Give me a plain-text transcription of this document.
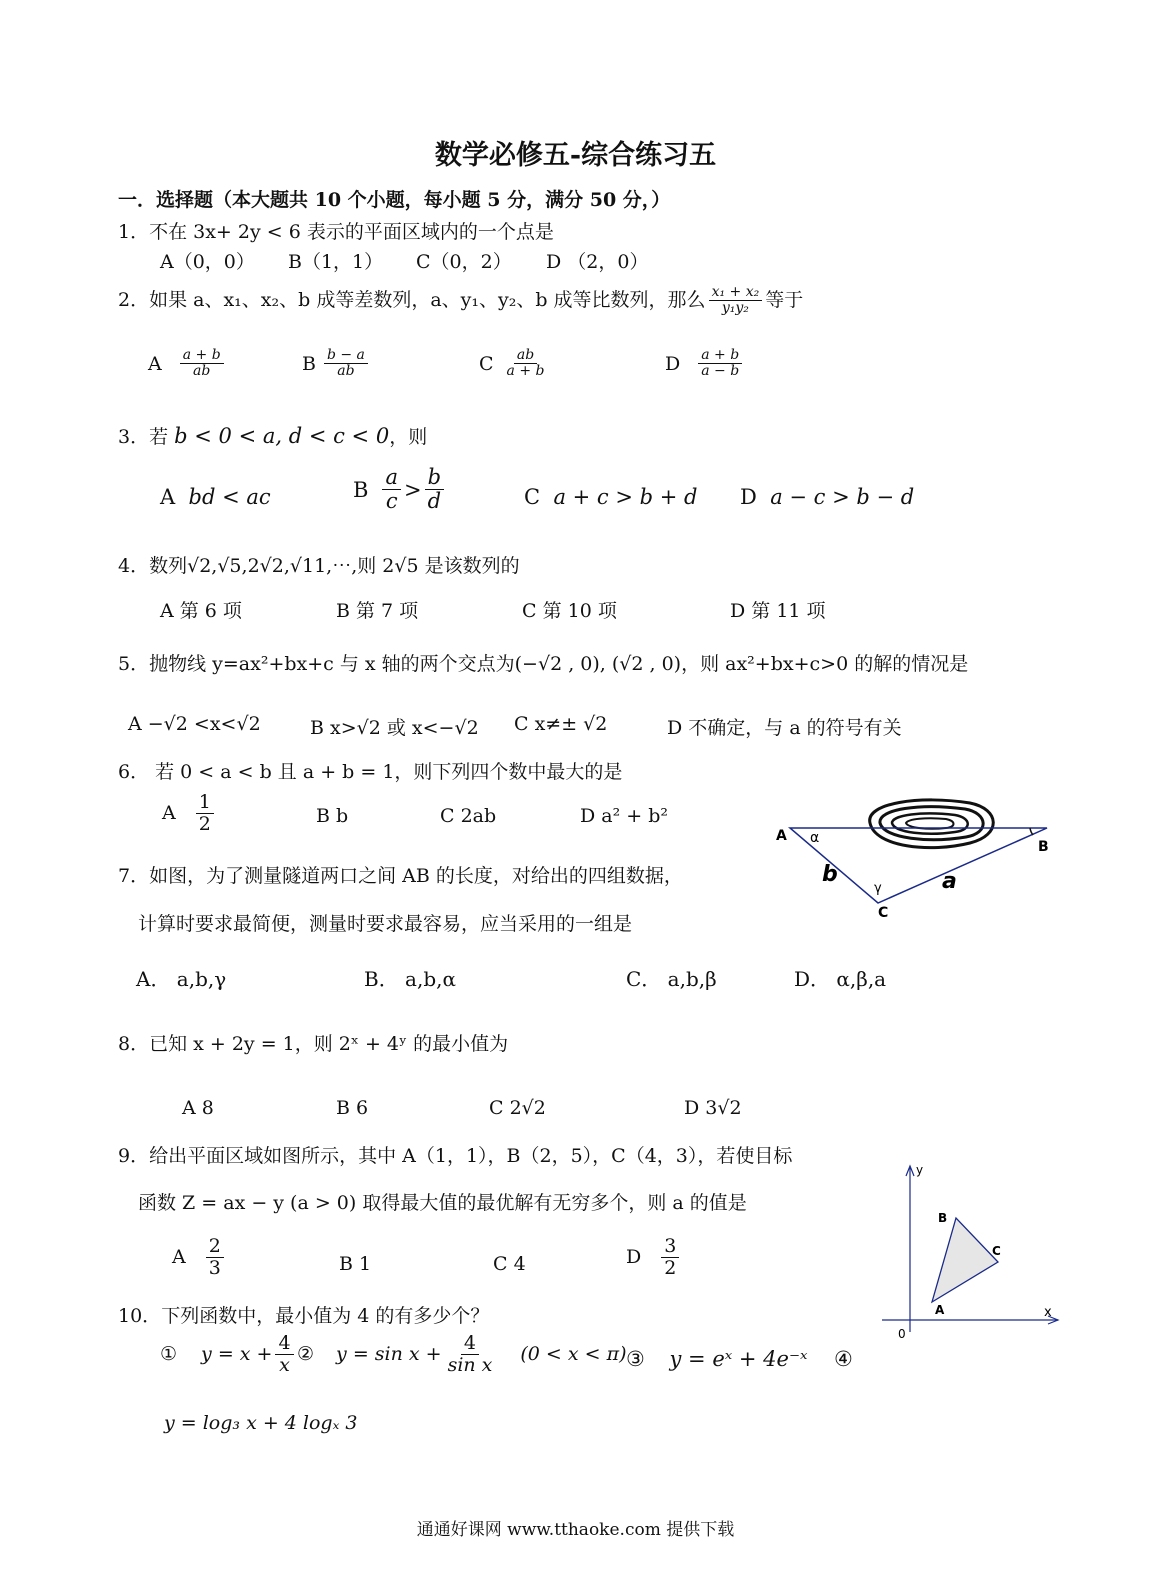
数学必修五-综合练习五
一．选择题（本大题共 10 个小题，每小题 5 分，满分 50 分，）
1．不在 3x+ 2y < 6 表示的平面区域内的一个点是
A（0，0） B（1，1） C（0，2） D （2，0）
2． 如果 a、x₁、x₂、b 成等差数列，a、y₁、y₂、b 成等比数列，那么 $\frac{\text{x₁ + x₂}}{\text{y₁y₂}}$ 等于
A $\frac{a + b}{ab}$	B $\frac{b - a}{ab}$	C $\frac{ab}{a + b}$	D $\frac{a + b}{a - b}$
3．若 b < 0 < a, d < c < 0，则
A bd < ac	B $\frac{a}{c} > \frac{b}{d}$	C a + c > b + d D a − c > b − d
4．数列√2,√5,2√2,√11,⋯,则 2√5 是该数列的
A 第 6 项	B 第 7 项	C 第 10 项	D 第 11 项
5．抛物线 y=ax²+bx+c 与 x 轴的两个交点为(−√2 , 0), (√2 , 0)，则 ax²+bx+c>0 的解的情况是
A −√2 <x<√2	B x>√2 或 x<−√2 C x≠± √2	D 不确定，与 a 的符号有关
6． 若 0 < a < b 且 a + b = 1，则下列四个数中最大的是
A $\frac{1}{2}$	B b	C 2ab	D a² + b²
A
B
C
α
γ
b	a
7．如图，为了测量隧道两口之间 AB 的长度，对给出的四组数据，
计算时要求最简便，测量时要求最容易，应当采用的一组是
A． a,b,γ	B． a,b,α	C． a,b,β	D． α,β,a
8．已知 x + 2y = 1，则 2ˣ + 4ʸ 的最小值为
A 8	B 6	C 2√2	D 3√2
9．给出平面区域如图所示，其中 A（1，1），B（2，5），C（4，3），若使目标
函数 Z = ax − y (a > 0) 取得最大值的最优解有无穷多个，则 a 的值是
A $\frac{2}{3}$	B 1	C 4	D $\frac{3}{2}$
y
x
0
A
B
C
10．下列函数中，最小值为 4 的有多少个？
① $y = x + \frac{4}{x}$ ② $y = \sin x + \frac{4}{\text{sin x}} (0 < x < \pi)$ ③ y = eˣ + 4e⁻ˣ ④
y = log₃ x + 4 logₓ 3
通通好课网 www.tthaoke.com 提供下载
